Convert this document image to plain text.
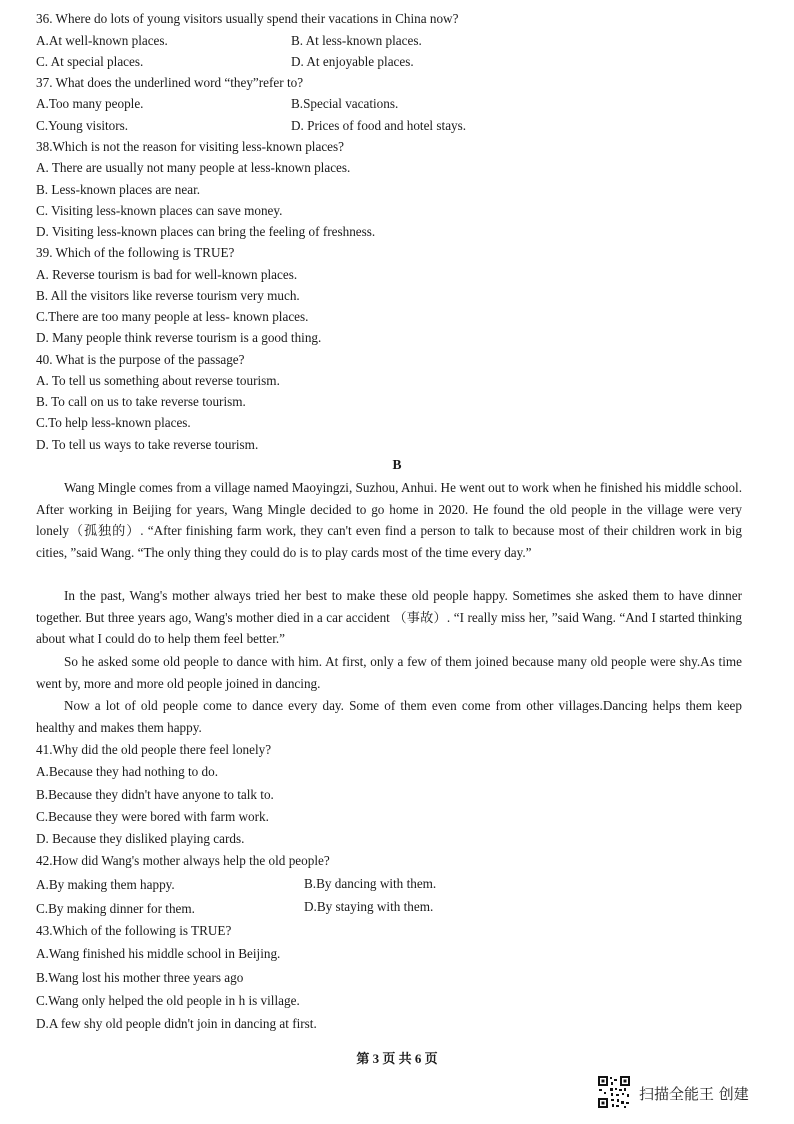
36. Where do lots of young visitors usually spend their vacations in China now?
A.At well-known places.	B. At less-known places.
C. At special places.	D. At enjoyable places.
37. What does the underlined word “they”refer to?
A.Too many people.	B.Special vacations.
C.Young visitors.	D. Prices of food and hotel stays.
38.Which is not the reason for visiting less-known places?
A. There are usually not many people at less-known places.
B. Less-known places are near.
C. Visiting less-known places can save money.
D. Visiting less-known places can bring the feeling of freshness.
39. Which of the following is TRUE?
A. Reverse tourism is bad for well-known places.
B. All the visitors like reverse tourism very much.
C.There are too many people at less- known places.
D. Many people think reverse tourism is a good thing.
40. What is the purpose of the passage?
A. To tell us something about reverse tourism.
B. To call on us to take reverse tourism.
C.To help less-known places.
D. To tell us ways to take reverse tourism.
B
Wang Mingle comes from a village named Maoyingzi, Suzhou, Anhui. He went out to work when he finished his middle school. After working in Beijing for years, Wang Mingle decided to go home in 2020. He found the old people in the village were very lonely（孤独的）. “After finishing farm work, they can't even find a person to talk to because most of their children work in big cities, ”said Wang. “The only thing they could do is to play cards most of the time every day.”
In the past, Wang's mother always tried her best to make these old people happy. Sometimes she asked them to have dinner together. But three years ago, Wang's mother died in a car accident （事故）. “I really miss her, ”said Wang. “And I started thinking about what I could do to help them feel better.”
So he asked some old people to dance with him. At first, only a few of them joined because many old people were shy.As time went by, more and more old people joined in dancing.
Now a lot of old people come to dance every day. Some of them even come from other villages.Dancing helps them keep healthy and makes them happy.
41.Why did the old people there feel lonely?
A.Because they had nothing to do.
B.Because they didn't have anyone to talk to.
C.Because they were bored with farm work.
D. Because they disliked playing cards.
42.How did Wang's mother always help the old people?
A.By making them happy.	B.By dancing with them.
C.By making dinner for them.	D.By staying with them.
43.Which of the following is TRUE?
A.Wang finished his middle school in Beijing.
B.Wang lost his mother three years ago
C.Wang only helped the old people in h is village.
D.A few shy old people didn't join in dancing at first.
第 3 页 共 6 页
扫描全能王 创建
